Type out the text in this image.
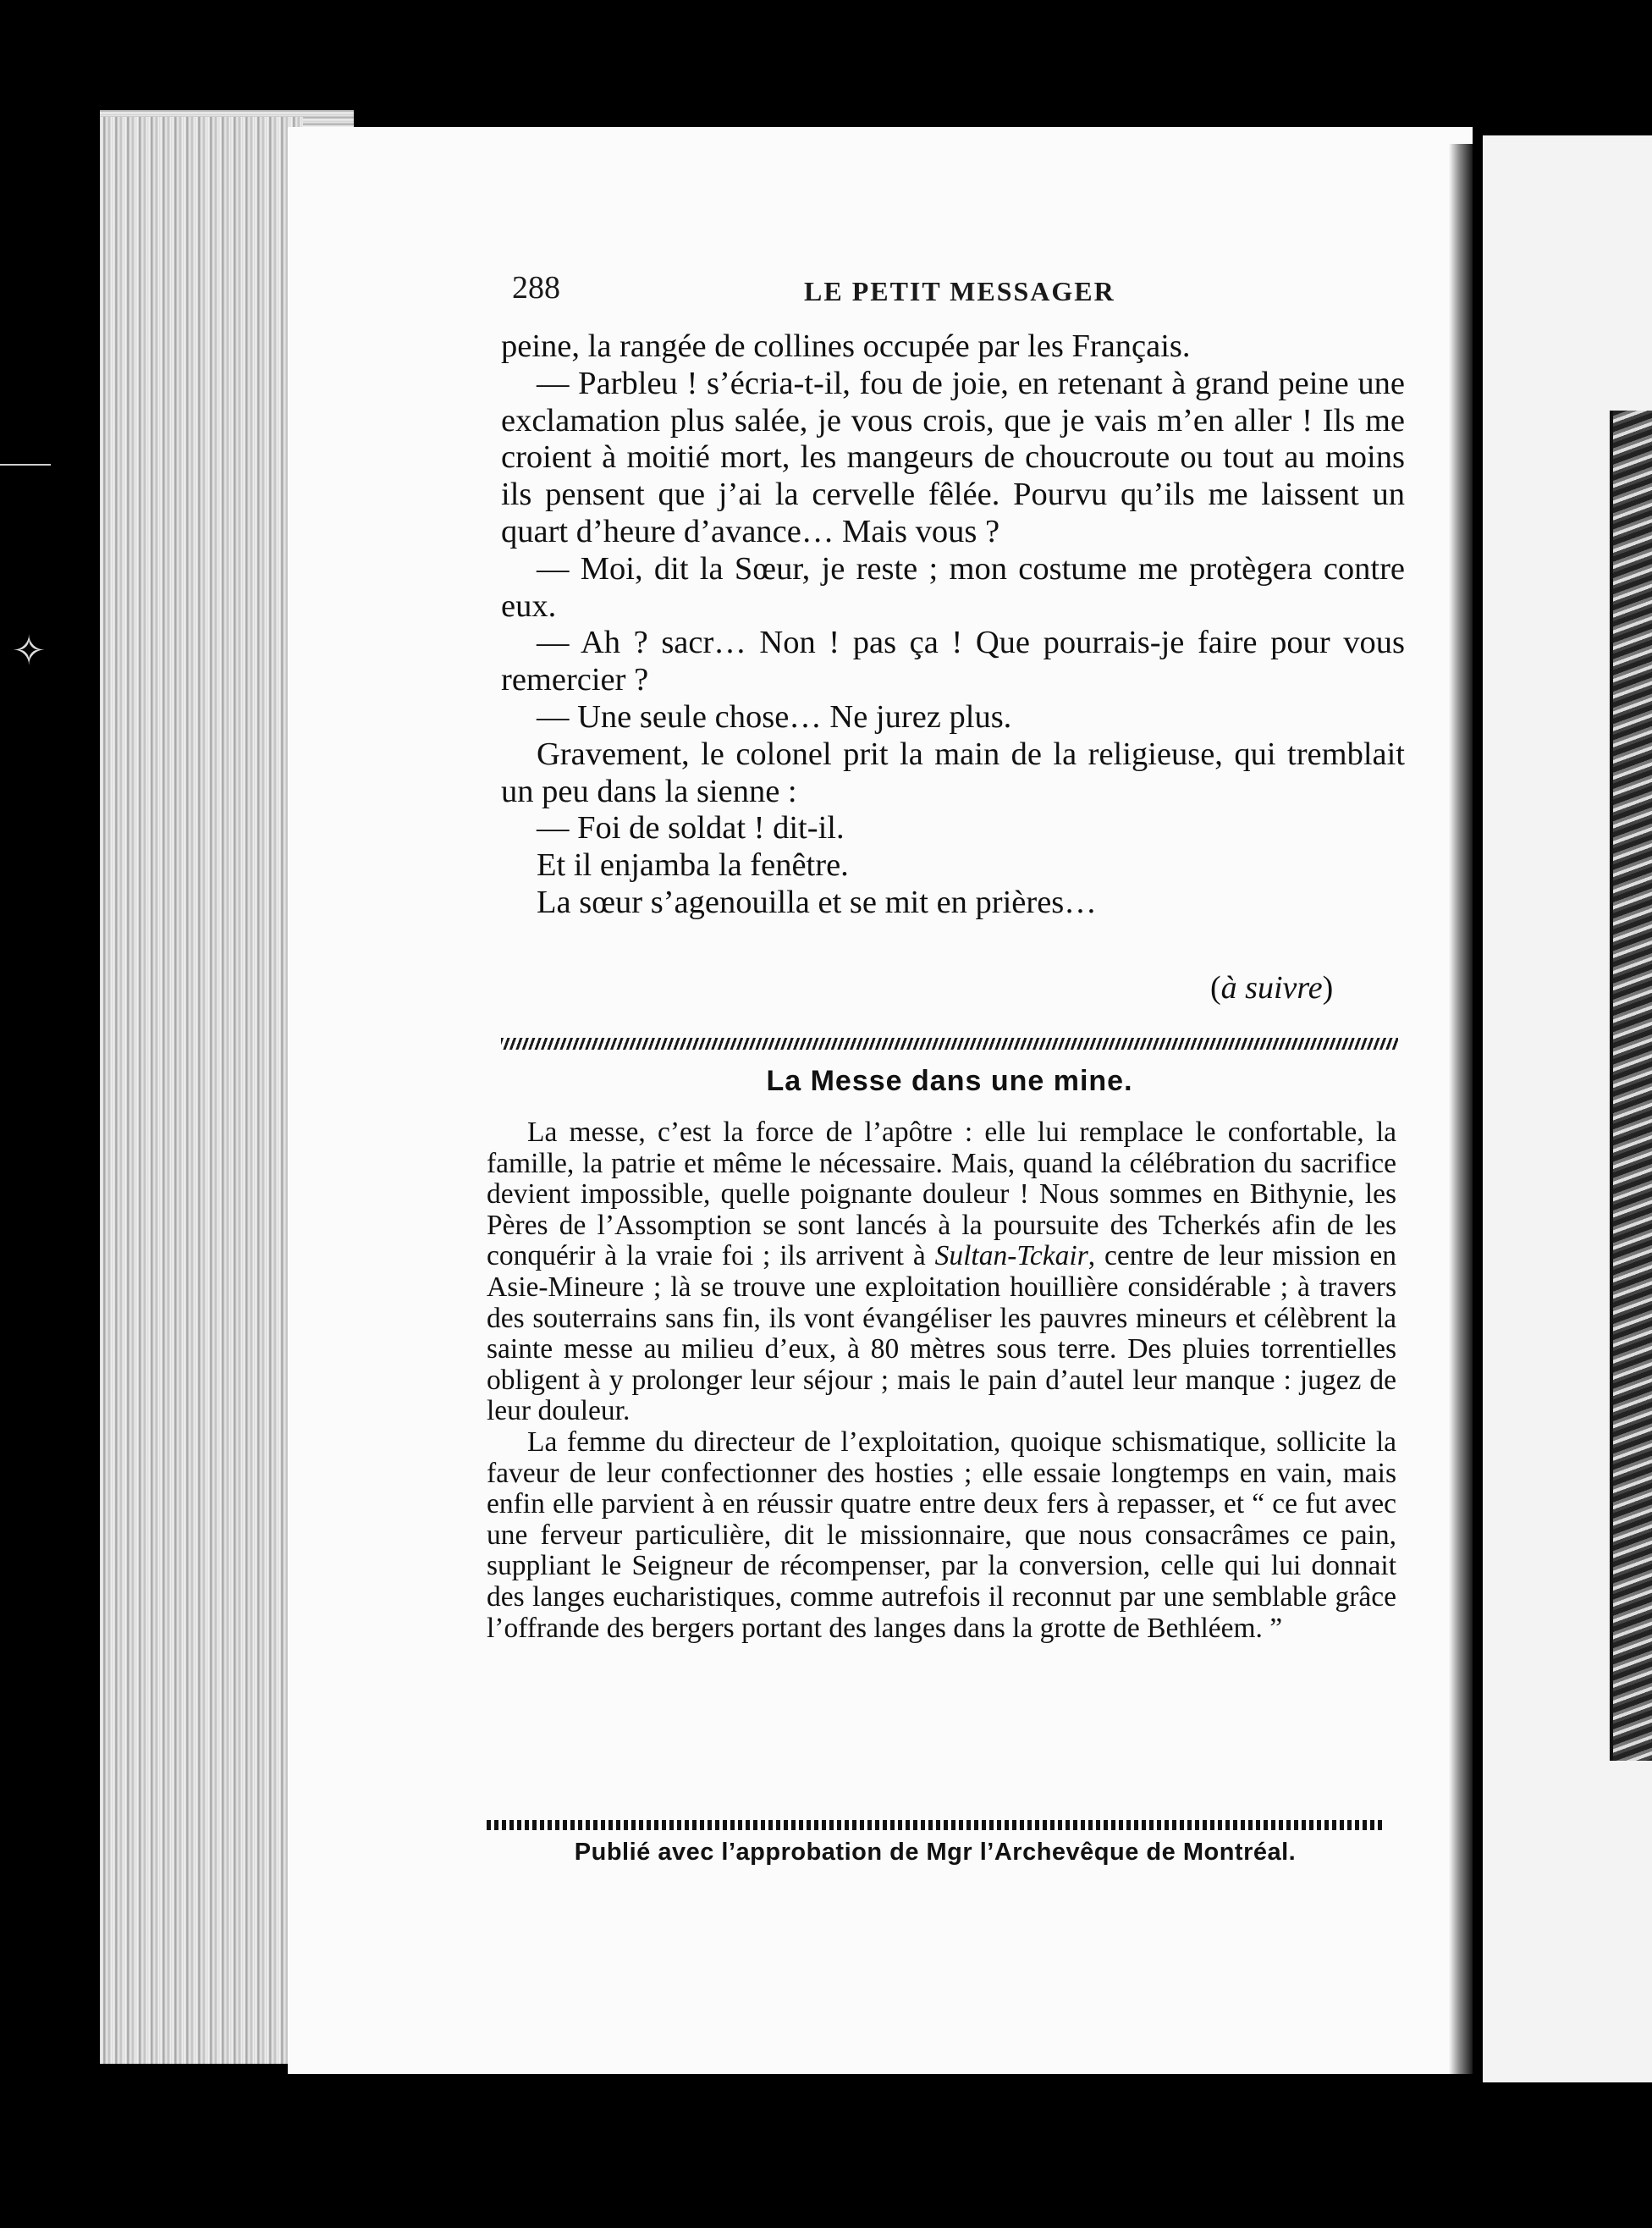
✧
288	LE PETIT MESSAGER

peine, la rangée de collines occupée par les Français.

— Parbleu ! s’écria-t-il, fou de joie, en retenant à grand peine une exclamation plus salée, je vous crois, que je vais m’en aller ! Ils me croient à moitié mort, les mangeurs de choucroute ou tout au moins ils pensent que j’ai la cervelle fêlée. Pourvu qu’ils me laissent un quart d’heure d’avance… Mais vous ?

— Moi, dit la Sœur, je reste ; mon costume me protègera contre eux.

— Ah ? sacr… Non ! pas ça ! Que pourrais-je faire pour vous remercier ?

— Une seule chose… Ne jurez plus.

Gravement, le colonel prit la main de la religieuse, qui tremblait un peu dans la sienne :

— Foi de soldat ! dit-il.

Et il enjamba la fenêtre.

La sœur s’agenouilla et se mit en prières…

(à suivre)
La Messe dans une mine.

La messe, c’est la force de l’apôtre : elle lui remplace le confortable, la famille, la patrie et même le nécessaire. Mais, quand la célébration du sacrifice devient impossible, quelle poignante douleur ! Nous sommes en Bithynie, les Pères de l’Assomption se sont lancés à la poursuite des Tcherkés afin de les conquérir à la vraie foi ; ils arrivent à Sultan-Tckair, centre de leur mission en Asie-Mineure ; là se trouve une exploitation houillière considérable ; à travers des souterrains sans fin, ils vont évangéliser les pauvres mineurs et célèbrent la sainte messe au milieu d’eux, à 80 mètres sous terre. Des pluies torrentielles obligent à y prolonger leur séjour ; mais le pain d’autel leur manque : jugez de leur douleur.

La femme du directeur de l’exploitation, quoique schismatique, sollicite la faveur de leur confectionner des hosties ; elle essaie longtemps en vain, mais enfin elle parvient à en réussir quatre entre deux fers à repasser, et “ ce fut avec une ferveur particulière, dit le missionnaire, que nous consacrâmes ce pain, suppliant le Seigneur de récompenser, par la conversion, celle qui lui donnait des langes eucharistiques, comme autrefois il reconnut par une semblable grâce l’offrande des bergers portant des langes dans la grotte de Bethléem. ”

Publié avec l’approbation de Mgr l’Archevêque de Montréal.
